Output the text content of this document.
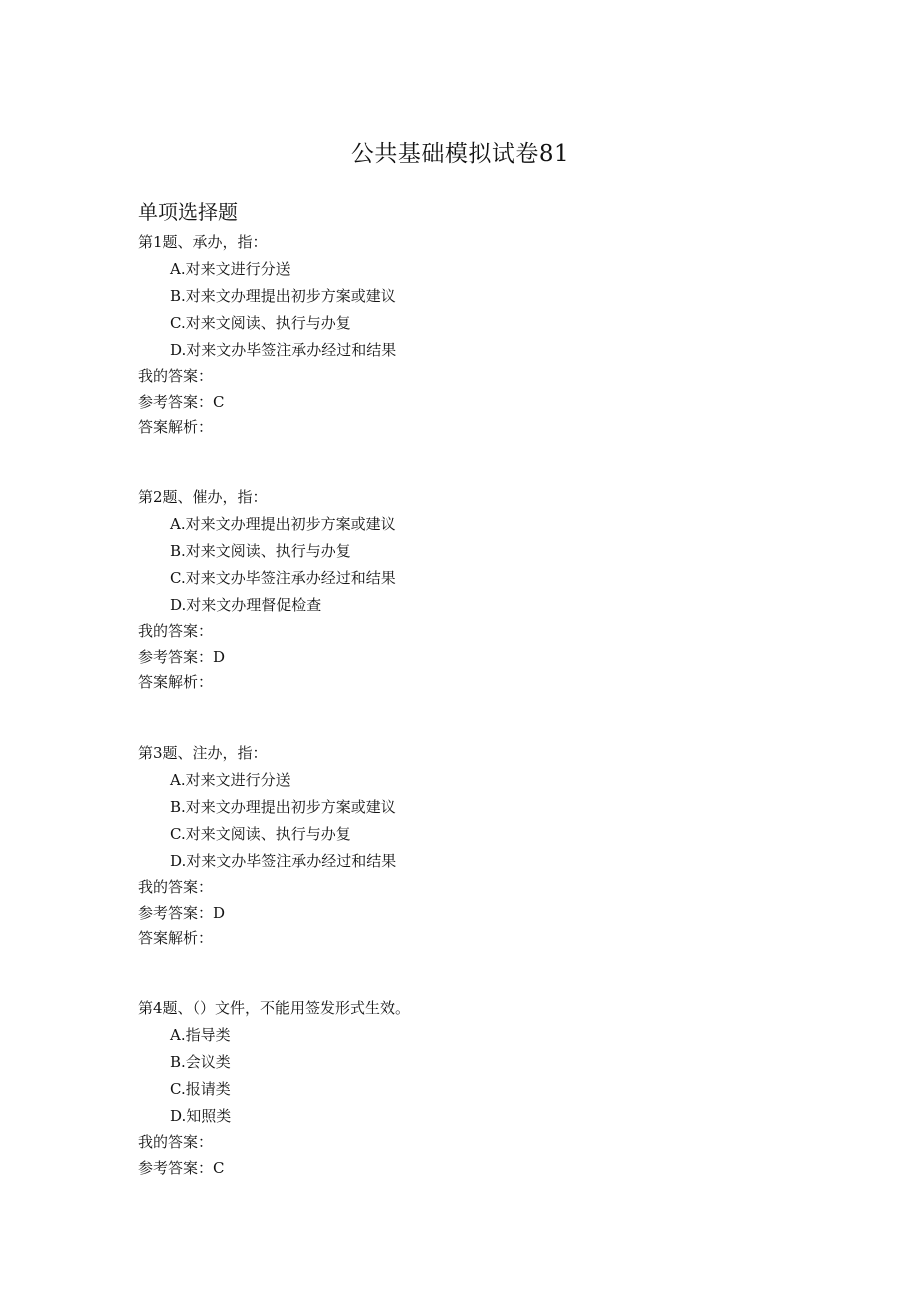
公共基础模拟试卷81
单项选择题
第1题、承办，指：
A.对来文进行分送
B.对来文办理提出初步方案或建议
C.对来文阅读、执行与办复
D.对来文办毕签注承办经过和结果
我的答案：
参考答案：C
答案解析：
第2题、催办，指：
A.对来文办理提出初步方案或建议
B.对来文阅读、执行与办复
C.对来文办毕签注承办经过和结果
D.对来文办理督促检查
我的答案：
参考答案：D
答案解析：
第3题、注办，指：
A.对来文进行分送
B.对来文办理提出初步方案或建议
C.对来文阅读、执行与办复
D.对来文办毕签注承办经过和结果
我的答案：
参考答案：D
答案解析：
第4题、（）文件，不能用签发形式生效。
A.指导类
B.会议类
C.报请类
D.知照类
我的答案：
参考答案：C
